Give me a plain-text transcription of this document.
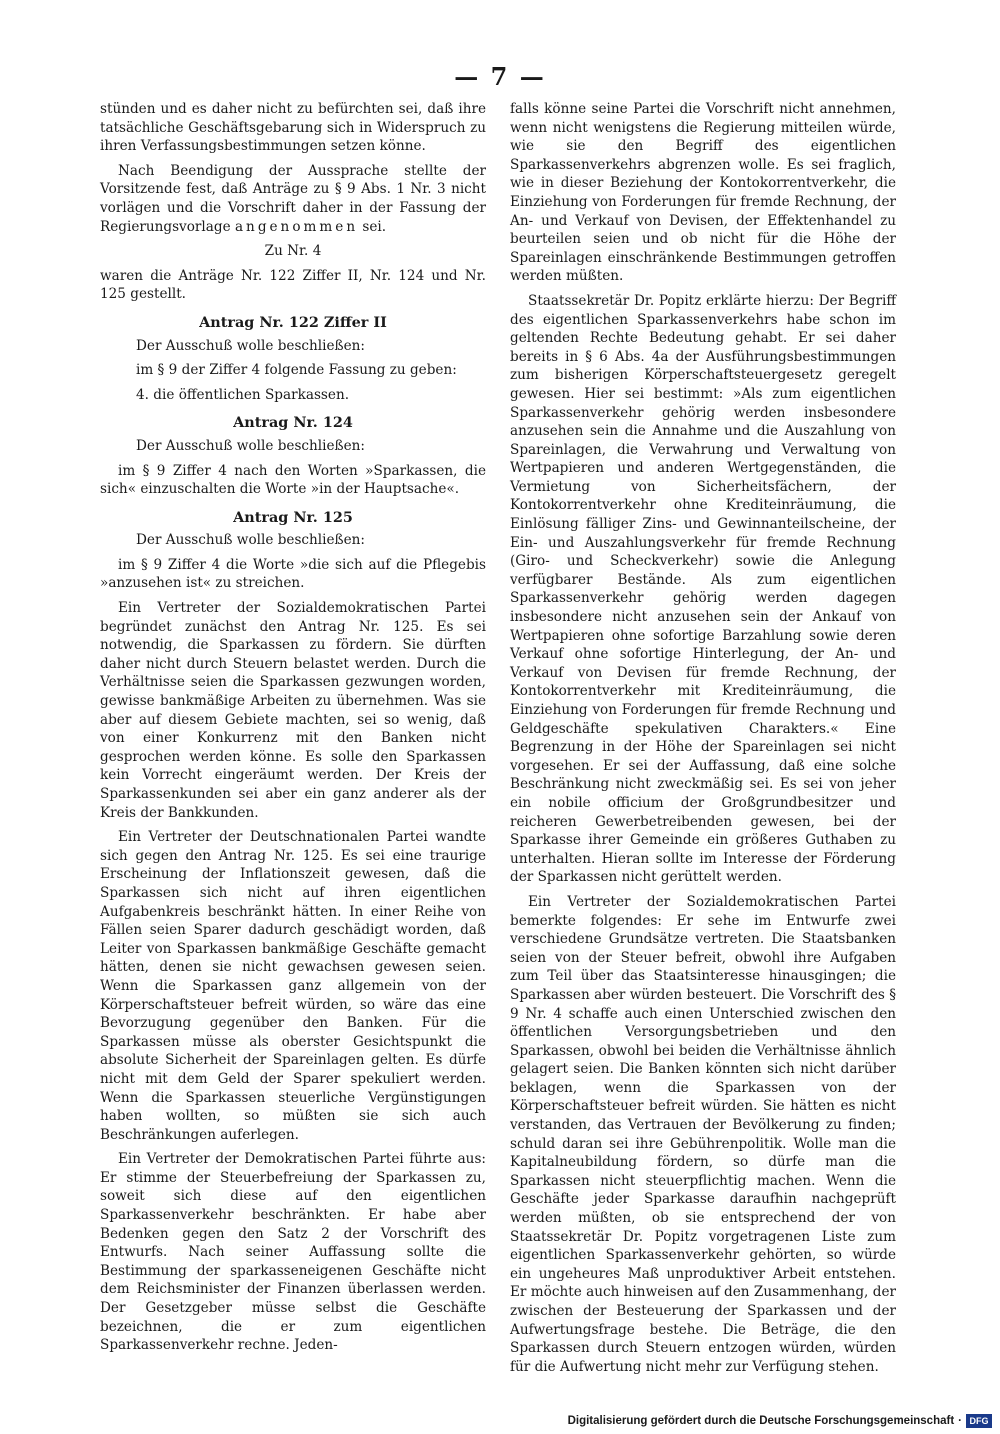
— 7 —

stünden und es daher nicht zu befürchten sei, daß ihre tatsächliche Geschäftsgebarung sich in Widerspruch zu ihren Verfassungsbestimmungen setzen könne.

Nach Beendigung der Aussprache stellte der Vorsitzende fest, daß Anträge zu § 9 Abs. 1 Nr. 3 nicht vorlägen und die Vorschrift daher in der Fassung der Regierungsvorlage angenommen sei.

Zu Nr. 4

waren die Anträge Nr. 122 Ziffer II, Nr. 124 und Nr. 125 gestellt.

Antrag Nr. 122 Ziffer II

Der Ausschuß wolle beschließen:

im § 9 der Ziffer 4 folgende Fassung zu geben:

4. die öffentlichen Sparkassen.

Antrag Nr. 124

Der Ausschuß wolle beschließen:

im § 9 Ziffer 4 nach den Worten »Sparkassen, die sich« einzuschalten die Worte »in der Hauptsache«.

Antrag Nr. 125

Der Ausschuß wolle beschließen:

im § 9 Ziffer 4 die Worte »die sich auf die Pflegebis »anzusehen ist« zu streichen.

Ein Vertreter der Sozialdemokratischen Partei begründet zunächst den Antrag Nr. 125. Es sei notwendig, die Sparkassen zu fördern. Sie dürften daher nicht durch Steuern belastet werden. Durch die Verhältnisse seien die Sparkassen gezwungen worden, gewisse bankmäßige Arbeiten zu übernehmen. Was sie aber auf diesem Gebiete machten, sei so wenig, daß von einer Konkurrenz mit den Banken nicht gesprochen werden könne. Es solle den Sparkassen kein Vorrecht eingeräumt werden. Der Kreis der Sparkassenkunden sei aber ein ganz anderer als der Kreis der Bankkunden.

Ein Vertreter der Deutschnationalen Partei wandte sich gegen den Antrag Nr. 125. Es sei eine traurige Erscheinung der Inflationszeit gewesen, daß die Sparkassen sich nicht auf ihren eigentlichen Aufgabenkreis beschränkt hätten. In einer Reihe von Fällen seien Sparer dadurch geschädigt worden, daß Leiter von Sparkassen bankmäßige Geschäfte gemacht hätten, denen sie nicht gewachsen gewesen seien. Wenn die Sparkassen ganz allgemein von der Körperschaftsteuer befreit würden, so wäre das eine Bevorzugung gegenüber den Banken. Für die Sparkassen müsse als oberster Gesichtspunkt die absolute Sicherheit der Spareinlagen gelten. Es dürfe nicht mit dem Geld der Sparer spekuliert werden. Wenn die Sparkassen steuerliche Vergünstigungen haben wollten, so müßten sie sich auch Beschränkungen auferlegen.

Ein Vertreter der Demokratischen Partei führte aus: Er stimme der Steuerbefreiung der Sparkassen zu, soweit sich diese auf den eigentlichen Sparkassenverkehr beschränkten. Er habe aber Bedenken gegen den Satz 2 der Vorschrift des Entwurfs. Nach seiner Auffassung sollte die Bestimmung der sparkasseneigenen Geschäfte nicht dem Reichsminister der Finanzen überlassen werden. Der Gesetzgeber müsse selbst die Geschäfte bezeichnen, die er zum eigentlichen Sparkassenverkehr rechne. Jeden-

falls könne seine Partei die Vorschrift nicht annehmen, wenn nicht wenigstens die Regierung mitteilen würde, wie sie den Begriff des eigentlichen Sparkassenverkehrs abgrenzen wolle. Es sei fraglich, wie in dieser Beziehung der Kontokorrentverkehr, die Einziehung von Forderungen für fremde Rechnung, der An- und Verkauf von Devisen, der Effektenhandel zu beurteilen seien und ob nicht für die Höhe der Spareinlagen einschränkende Bestimmungen getroffen werden müßten.

Staatssekretär Dr. Popitz erklärte hierzu: Der Begriff des eigentlichen Sparkassenverkehrs habe schon im geltenden Rechte Bedeutung gehabt. Er sei daher bereits in § 6 Abs. 4a der Ausführungsbestimmungen zum bisherigen Körperschaftsteuergesetz geregelt gewesen. Hier sei bestimmt: »Als zum eigentlichen Sparkassenverkehr gehörig werden insbesondere anzusehen sein die Annahme und die Auszahlung von Spareinlagen, die Verwahrung und Verwaltung von Wertpapieren und anderen Wertgegenständen, die Vermietung von Sicherheitsfächern, der Kontokorrentverkehr ohne Krediteinräumung, die Einlösung fälliger Zins- und Gewinnanteilscheine, der Ein- und Auszahlungsverkehr für fremde Rechnung (Giro- und Scheckverkehr) sowie die Anlegung verfügbarer Bestände. Als zum eigentlichen Sparkassenverkehr gehörig werden dagegen insbesondere nicht anzusehen sein der Ankauf von Wertpapieren ohne sofortige Barzahlung sowie deren Verkauf ohne sofortige Hinterlegung, der An- und Verkauf von Devisen für fremde Rechnung, der Kontokorrentverkehr mit Krediteinräumung, die Einziehung von Forderungen für fremde Rechnung und Geldgeschäfte spekulativen Charakters.« Eine Begrenzung in der Höhe der Spareinlagen sei nicht vorgesehen. Er sei der Auffassung, daß eine solche Beschränkung nicht zweckmäßig sei. Es sei von jeher ein nobile officium der Großgrundbesitzer und reicheren Gewerbetreibenden gewesen, bei der Sparkasse ihrer Gemeinde ein größeres Guthaben zu unterhalten. Hieran sollte im Interesse der Förderung der Sparkassen nicht gerüttelt werden.

Ein Vertreter der Sozialdemokratischen Partei bemerkte folgendes: Er sehe im Entwurfe zwei verschiedene Grundsätze vertreten. Die Staatsbanken seien von der Steuer befreit, obwohl ihre Aufgaben zum Teil über das Staatsinteresse hinausgingen; die Sparkassen aber würden besteuert. Die Vorschrift des § 9 Nr. 4 schaffe auch einen Unterschied zwischen den öffentlichen Versorgungsbetrieben und den Sparkassen, obwohl bei beiden die Verhältnisse ähnlich gelagert seien. Die Banken könnten sich nicht darüber beklagen, wenn die Sparkassen von der Körperschaftsteuer befreit würden. Sie hätten es nicht verstanden, das Vertrauen der Bevölkerung zu finden; schuld daran sei ihre Gebührenpolitik. Wolle man die Kapitalneubildung fördern, so dürfe man die Sparkassen nicht steuerpflichtig machen. Wenn die Geschäfte jeder Sparkasse daraufhin nachgeprüft werden müßten, ob sie entsprechend der von Staatssekretär Dr. Popitz vorgetragenen Liste zum eigentlichen Sparkassenverkehr gehörten, so würde ein ungeheures Maß unproduktiver Arbeit entstehen. Er möchte auch hinweisen auf den Zusammenhang, der zwischen der Besteuerung der Sparkassen und der Aufwertungsfrage bestehe. Die Beträge, die den Sparkassen durch Steuern entzogen würden, würden für die Aufwertung nicht mehr zur Verfügung stehen.

Digitalisierung gefördert durch die Deutsche Forschungsgemeinschaft · DFG
